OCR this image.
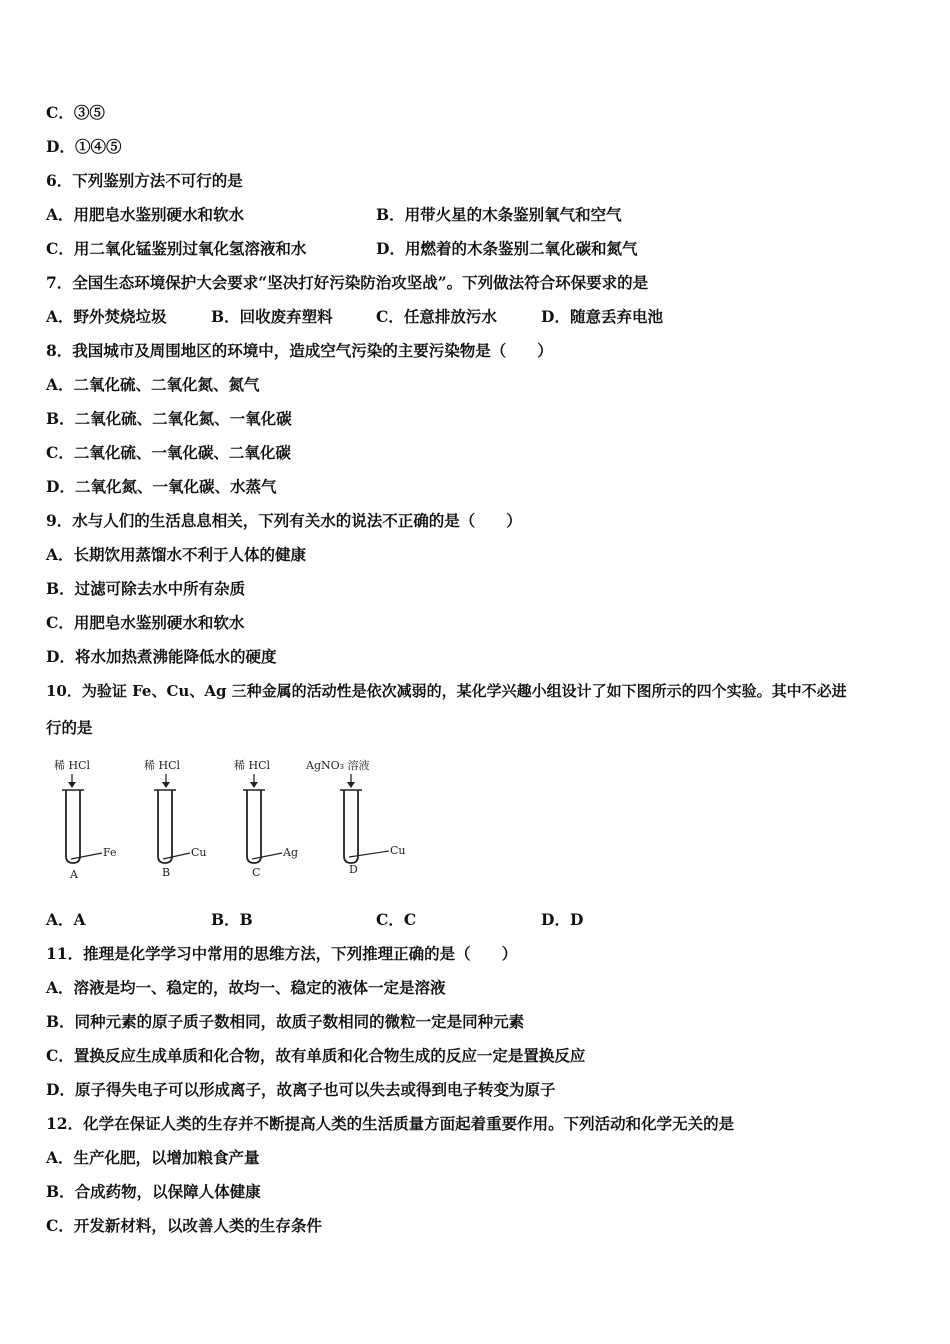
C．③⑤
D．①④⑤
6．下列鉴别方法不可行的是
A．用肥皂水鉴别硬水和软水	B．用带火星的木条鉴别氧气和空气
C．用二氧化锰鉴别过氧化氢溶液和水	D．用燃着的木条鉴别二氧化碳和氮气
7．全国生态环境保护大会要求“坚决打好污染防治攻坚战”。下列做法符合环保要求的是
A．野外焚烧垃圾	B．回收废弃塑料	C．任意排放污水	D．随意丢弃电池
8．我国城市及周围地区的环境中，造成空气污染的主要污染物是（　　）
A．二氧化硫、二氧化氮、氮气
B．二氧化硫、二氧化氮、一氧化碳
C．二氧化硫、一氧化碳、二氧化碳
D．二氧化氮、一氧化碳、水蒸气
9．水与人们的生活息息相关，下列有关水的说法不正确的是（　　）
A．长期饮用蒸馏水不利于人体的健康
B．过滤可除去水中所有杂质
C．用肥皂水鉴别硬水和软水
D．将水加热煮沸能降低水的硬度
10．为验证 Fe、Cu、Ag 三种金属的活动性是依次减弱的，某化学兴趣小组设计了如下图所示的四个实验。其中不必进
行的是
稀 HCl
Fe
A
稀 HCl
Cu
B
稀 HCl
Ag
C
AgNO₃ 溶液
Cu
D
A．A	B．B	C．C	D．D
11．推理是化学学习中常用的思维方法，下列推理正确的是（　　）
A．溶液是均一、稳定的，故均一、稳定的液体一定是溶液
B．同种元素的原子质子数相同，故质子数相同的微粒一定是同种元素
C．置换反应生成单质和化合物，故有单质和化合物生成的反应一定是置换反应
D．原子得失电子可以形成离子，故离子也可以失去或得到电子转变为原子
12．化学在保证人类的生存并不断提高人类的生活质量方面起着重要作用。下列活动和化学无关的是
A．生产化肥，以增加粮食产量
B．合成药物，以保障人体健康
C．开发新材料，以改善人类的生存条件
